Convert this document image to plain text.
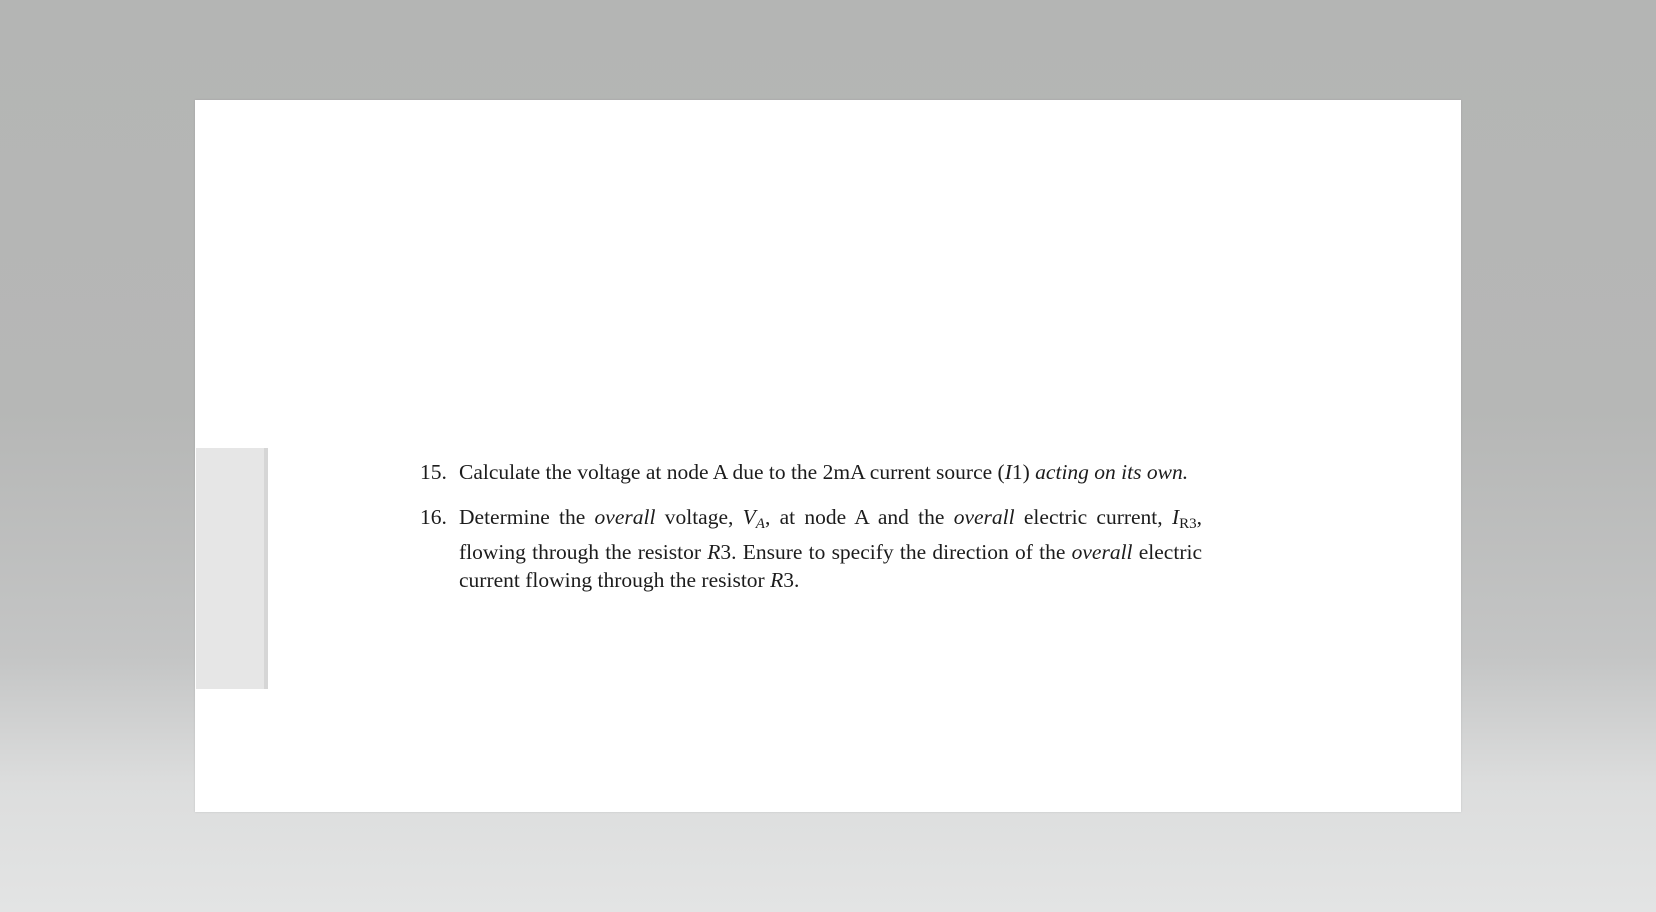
15. Calculate the voltage at node A due to the 2mA current source (I1) acting on its own.
16. Determine the overall voltage, $V_A$, at node A and the overall electric current, $I_{R3}$, flowing through the resistor R3. Ensure to specify the direction of the overall electric current flowing through the resistor R3.
